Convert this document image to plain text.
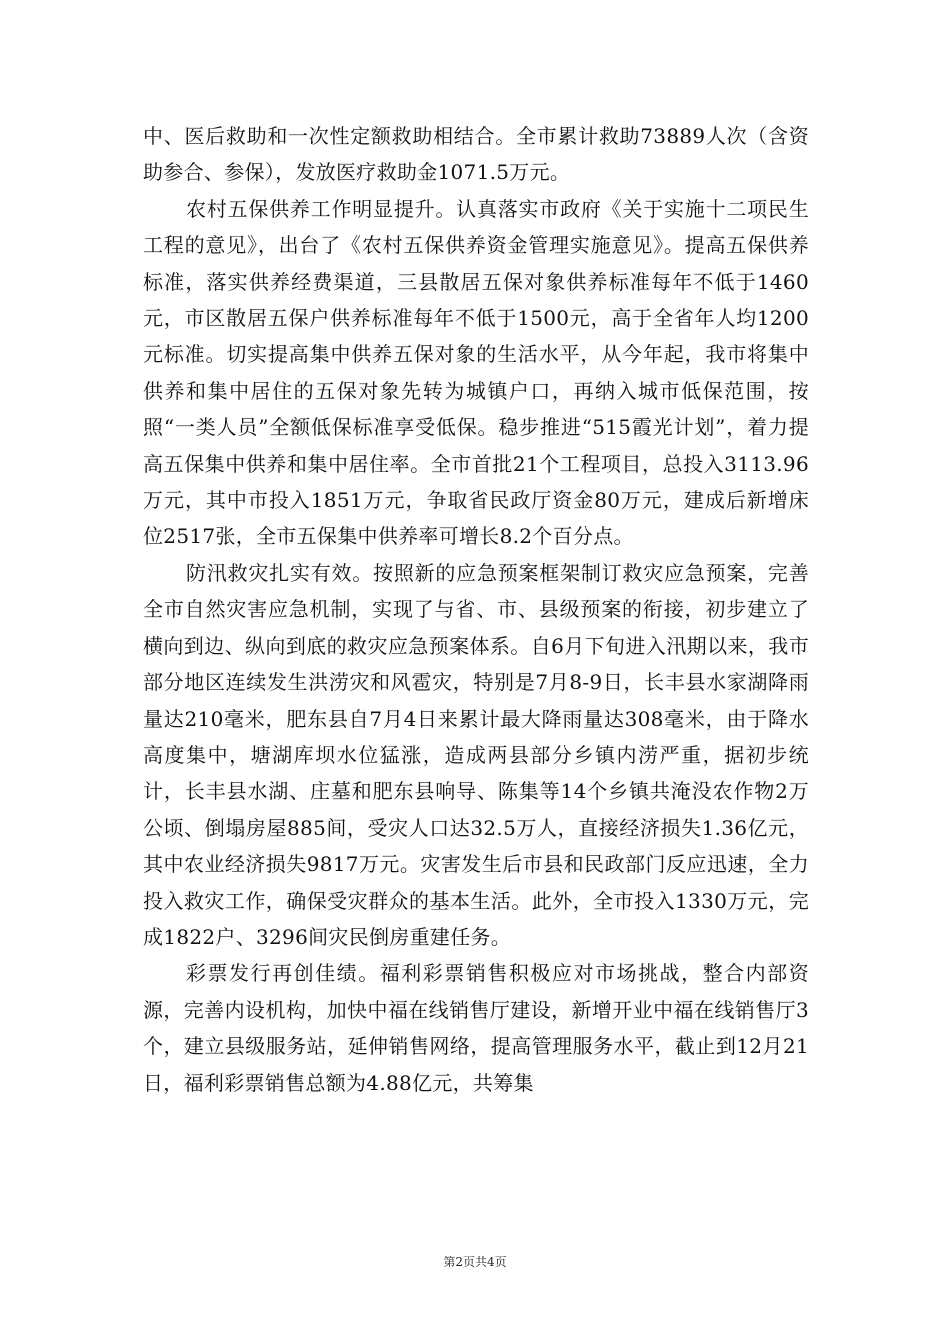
中、医后救助和一次性定额救助相结合。全市累计救助73889人次（含资助参合、参保），发放医疗救助金1071.5万元。

农村五保供养工作明显提升。认真落实市政府《关于实施十二项民生工程的意见》，出台了《农村五保供养资金管理实施意见》。提高五保供养标准，落实供养经费渠道，三县散居五保对象供养标准每年不低于1460元，市区散居五保户供养标准每年不低于1500元，高于全省年人均1200元标准。切实提高集中供养五保对象的生活水平，从今年起，我市将集中供养和集中居住的五保对象先转为城镇户口，再纳入城市低保范围，按照“一类人员”全额低保标准享受低保。稳步推进“515霞光计划”，着力提高五保集中供养和集中居住率。全市首批21个工程项目，总投入3113.96万元，其中市投入1851万元，争取省民政厅资金80万元，建成后新增床位2517张，全市五保集中供养率可增长8.2个百分点。

防汛救灾扎实有效。按照新的应急预案框架制订救灾应急预案，完善全市自然灾害应急机制，实现了与省、市、县级预案的衔接，初步建立了横向到边、纵向到底的救灾应急预案体系。自6月下旬进入汛期以来，我市部分地区连续发生洪涝灾和风雹灾，特别是7月8-9日，长丰县水家湖降雨量达210毫米，肥东县自7月4日来累计最大降雨量达308毫米，由于降水高度集中，塘湖库坝水位猛涨，造成两县部分乡镇内涝严重，据初步统计，长丰县水湖、庄墓和肥东县响导、陈集等14个乡镇共淹没农作物2万公顷、倒塌房屋885间，受灾人口达32.5万人，直接经济损失1.36亿元，其中农业经济损失9817万元。灾害发生后市县和民政部门反应迅速，全力投入救灾工作，确保受灾群众的基本生活。此外，全市投入1330万元，完成1822户、3296间灾民倒房重建任务。

彩票发行再创佳绩。福利彩票销售积极应对市场挑战，整合内部资源，完善内设机构，加快中福在线销售厅建设，新增开业中福在线销售厅3个，建立县级服务站，延伸销售网络，提高管理服务水平，截止到12月21日，福利彩票销售总额为4.88亿元，共筹集

第2页共4页
